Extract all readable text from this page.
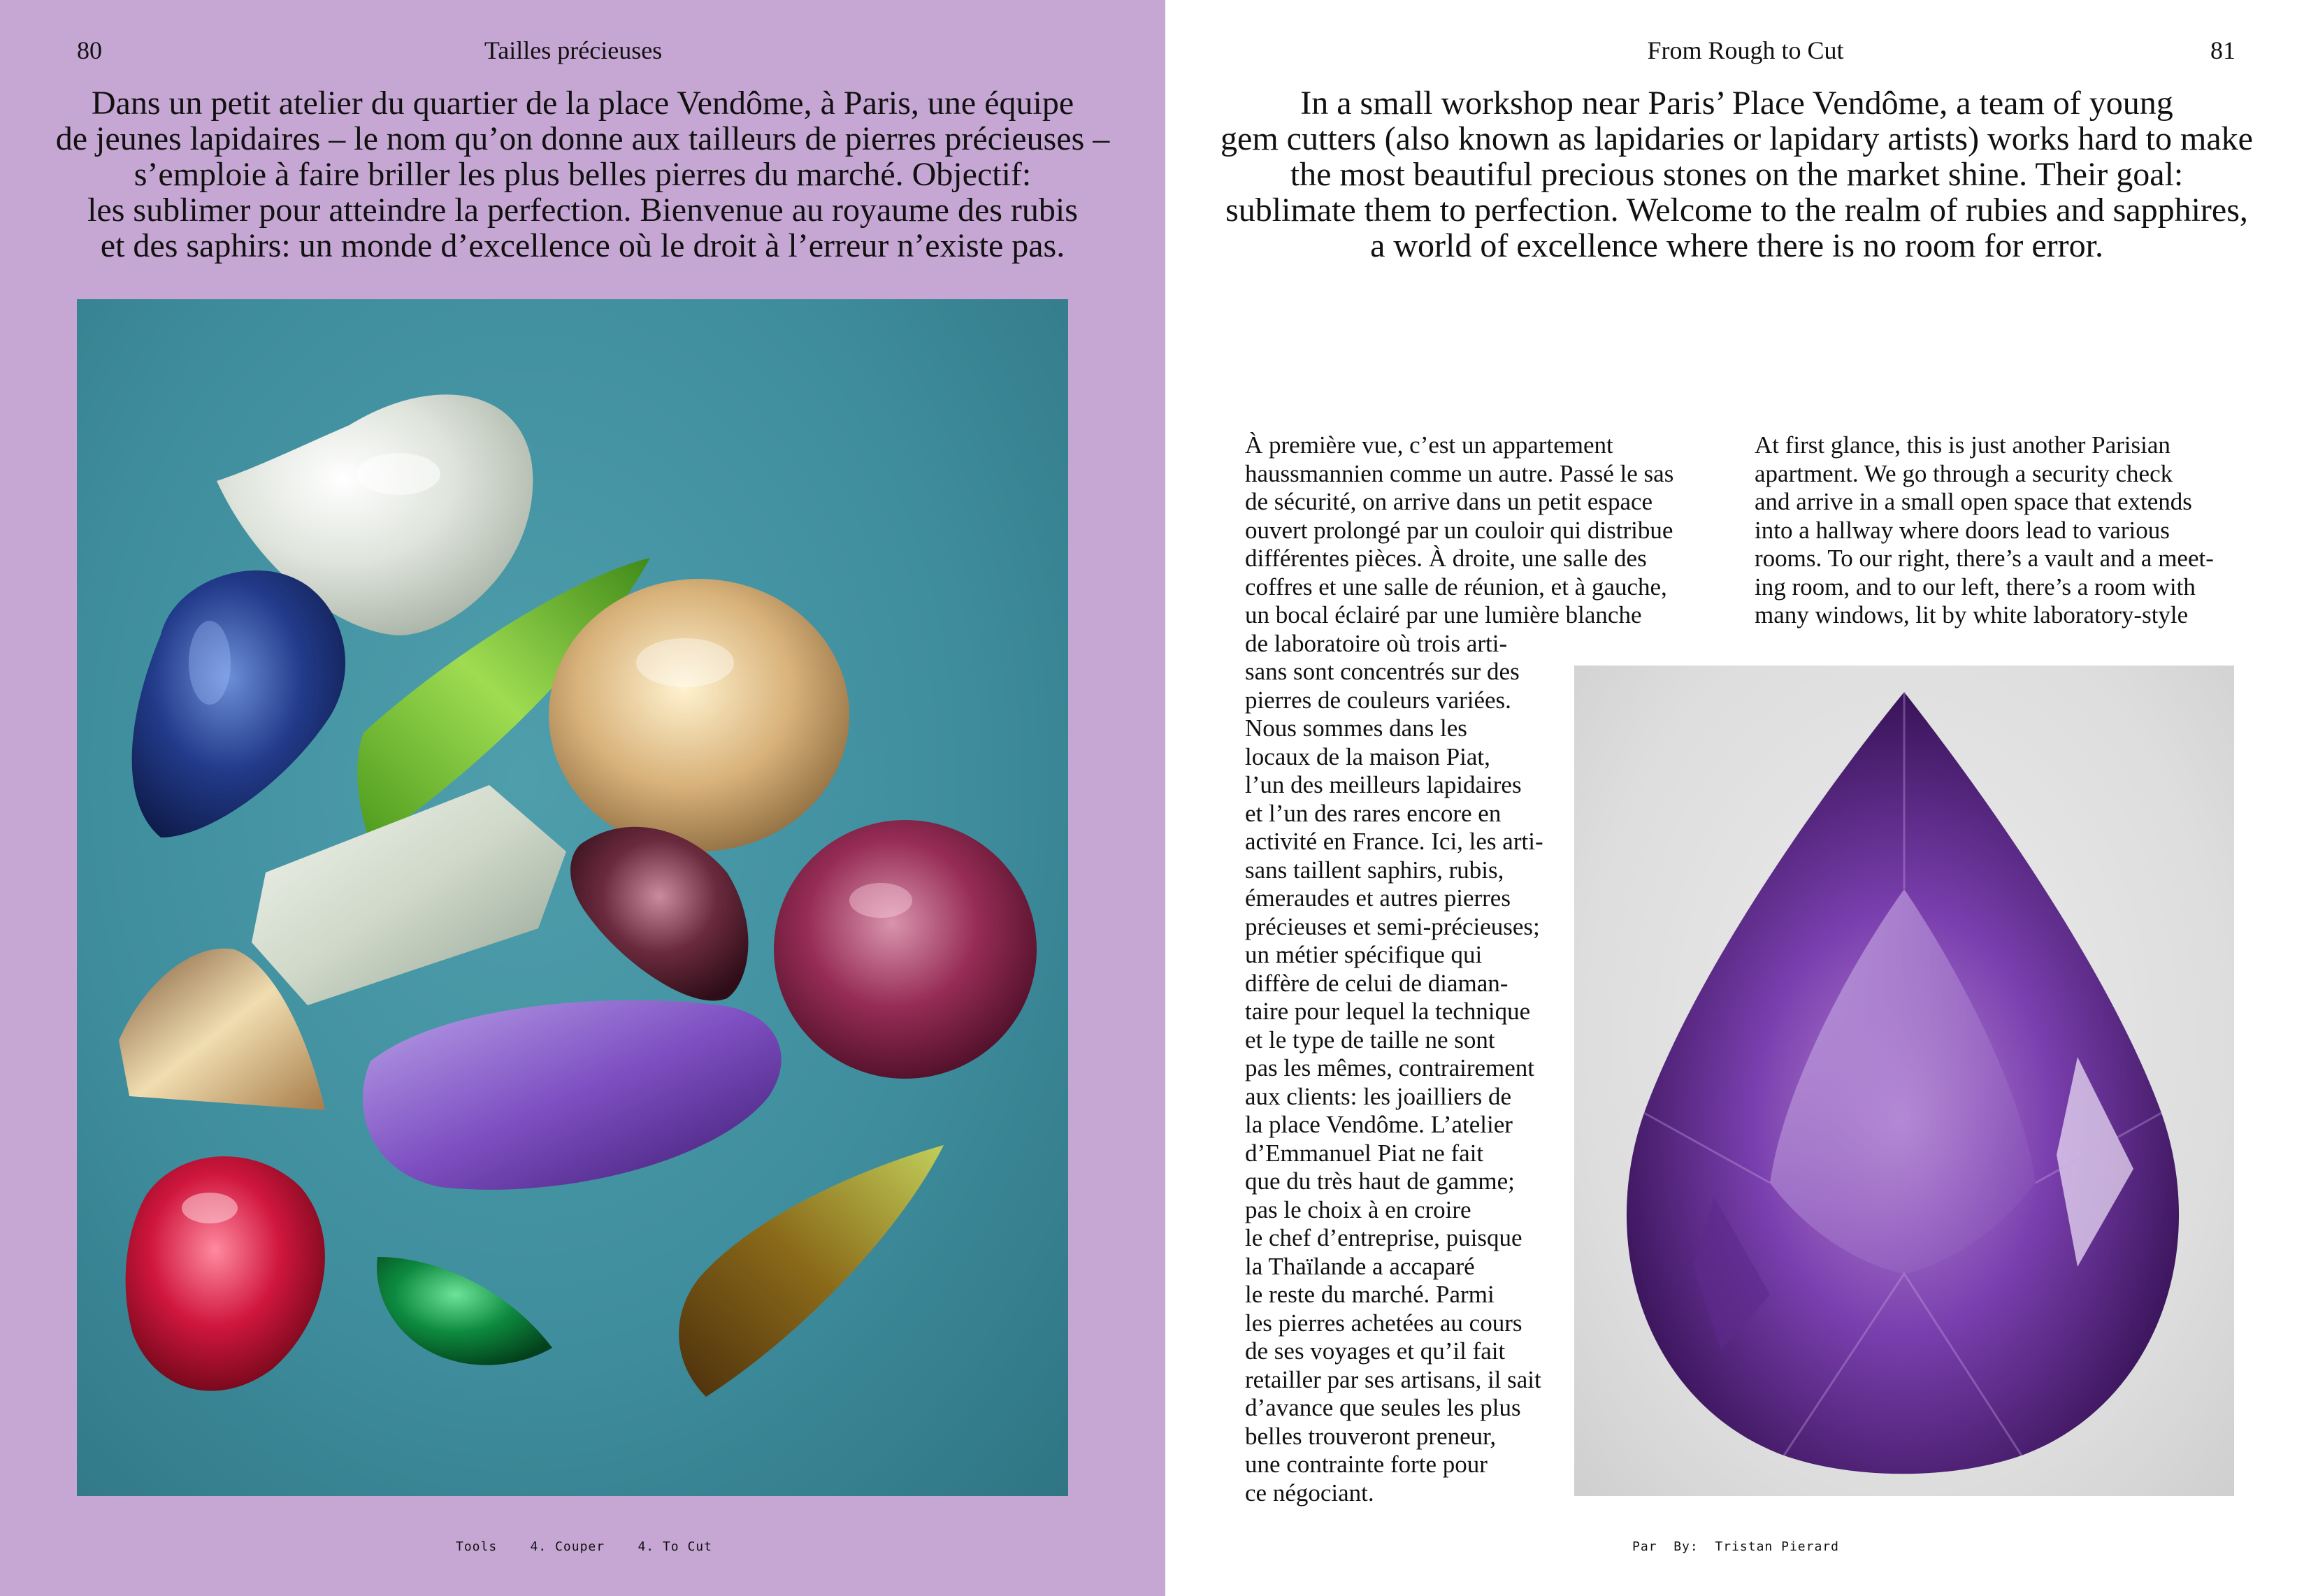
80	Tailles précieuses

Dans un petit atelier du quartier de la place Vendôme, à Paris, une équipe
de jeunes lapidaires – le nom qu’on donne aux tailleurs de pierres précieuses –
s’emploie à faire briller les plus belles pierres du marché. Objectif:
les sublimer pour atteindre la perfection. Bienvenue au royaume des rubis
et des saphirs: un monde d’excellence où le droit à l’erreur n’existe pas.

Tools	4. Couper	4. To Cut
From Rough to Cut	81

In a small workshop near Paris’ Place Vendôme, a team of young
gem cutters (also known as lapidaries or lapidary artists) works hard to make
the most beautiful precious stones on the market shine. Their goal:
sublimate them to perfection. Welcome to the realm of rubies and sapphires,
a world of excellence where there is no room for error.

À première vue, c’est un appartement
haussmannien comme un autre. Passé le sas
de sécurité, on arrive dans un petit espace
ouvert prolongé par un couloir qui distribue
différentes pièces. À droite, une salle des
coffres et une salle de réunion, et à gauche,
un bocal éclairé par une lumière blanche
de laboratoire où trois arti-
sans sont concentrés sur des
pierres de couleurs variées.
Nous sommes dans les
locaux de la maison Piat,
l’un des meilleurs lapidaires
et l’un des rares encore en
activité en France. Ici, les arti-
sans taillent saphirs, rubis,
émeraudes et autres pierres
précieuses et semi-précieuses;
un métier spécifique qui
diffère de celui de diaman-
taire pour lequel la technique
et le type de taille ne sont
pas les mêmes, contrairement
aux clients: les joailliers de
la place Vendôme. L’atelier
d’Emmanuel Piat ne fait
que du très haut de gamme;
pas le choix à en croire
le chef d’entreprise, puisque
la Thaïlande a accaparé
le reste du marché. Parmi
les pierres achetées au cours
de ses voyages et qu’il fait
retailler par ses artisans, il sait
d’avance que seules les plus
belles trouveront preneur,
une contrainte forte pour
ce négociant.

At first glance, this is just another Parisian
apartment. We go through a security check
and arrive in a small open space that extends
into a hallway where doors lead to various
rooms. To our right, there’s a vault and a meet-
ing room, and to our left, there’s a room with
many windows, lit by white laboratory-style

Par By: Tristan Pierard
